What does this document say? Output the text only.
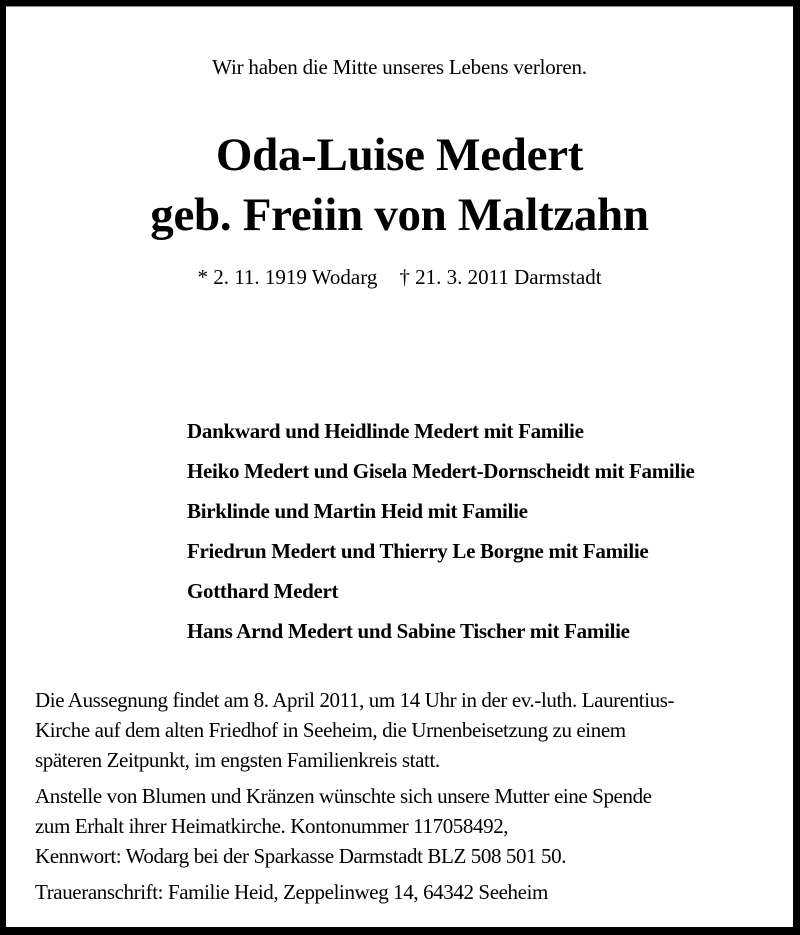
Wir haben die Mitte unseres Lebens verloren.
Oda-Luise Medert
geb. Freiin von Maltzahn
* 2. 11. 1919 Wodarg † 21. 3. 2011 Darmstadt
Dankward und Heidlinde Medert mit Familie
Heiko Medert und Gisela Medert-Dornscheidt mit Familie
Birklinde und Martin Heid mit Familie
Friedrun Medert und Thierry Le Borgne mit Familie
Gotthard Medert
Hans Arnd Medert und Sabine Tischer mit Familie
Die Aussegnung findet am 8. April 2011, um 14 Uhr in der ev.-luth. Laurentius-
Kirche auf dem alten Friedhof in Seeheim, die Urnenbeisetzung zu einem
späteren Zeitpunkt, im engsten Familienkreis statt.
Anstelle von Blumen und Kränzen wünschte sich unsere Mutter eine Spende
zum Erhalt ihrer Heimatkirche. Kontonummer 117058492,
Kennwort: Wodarg bei der Sparkasse Darmstadt BLZ 508 501 50.
Traueranschrift: Familie Heid, Zeppelinweg 14, 64342 Seeheim
